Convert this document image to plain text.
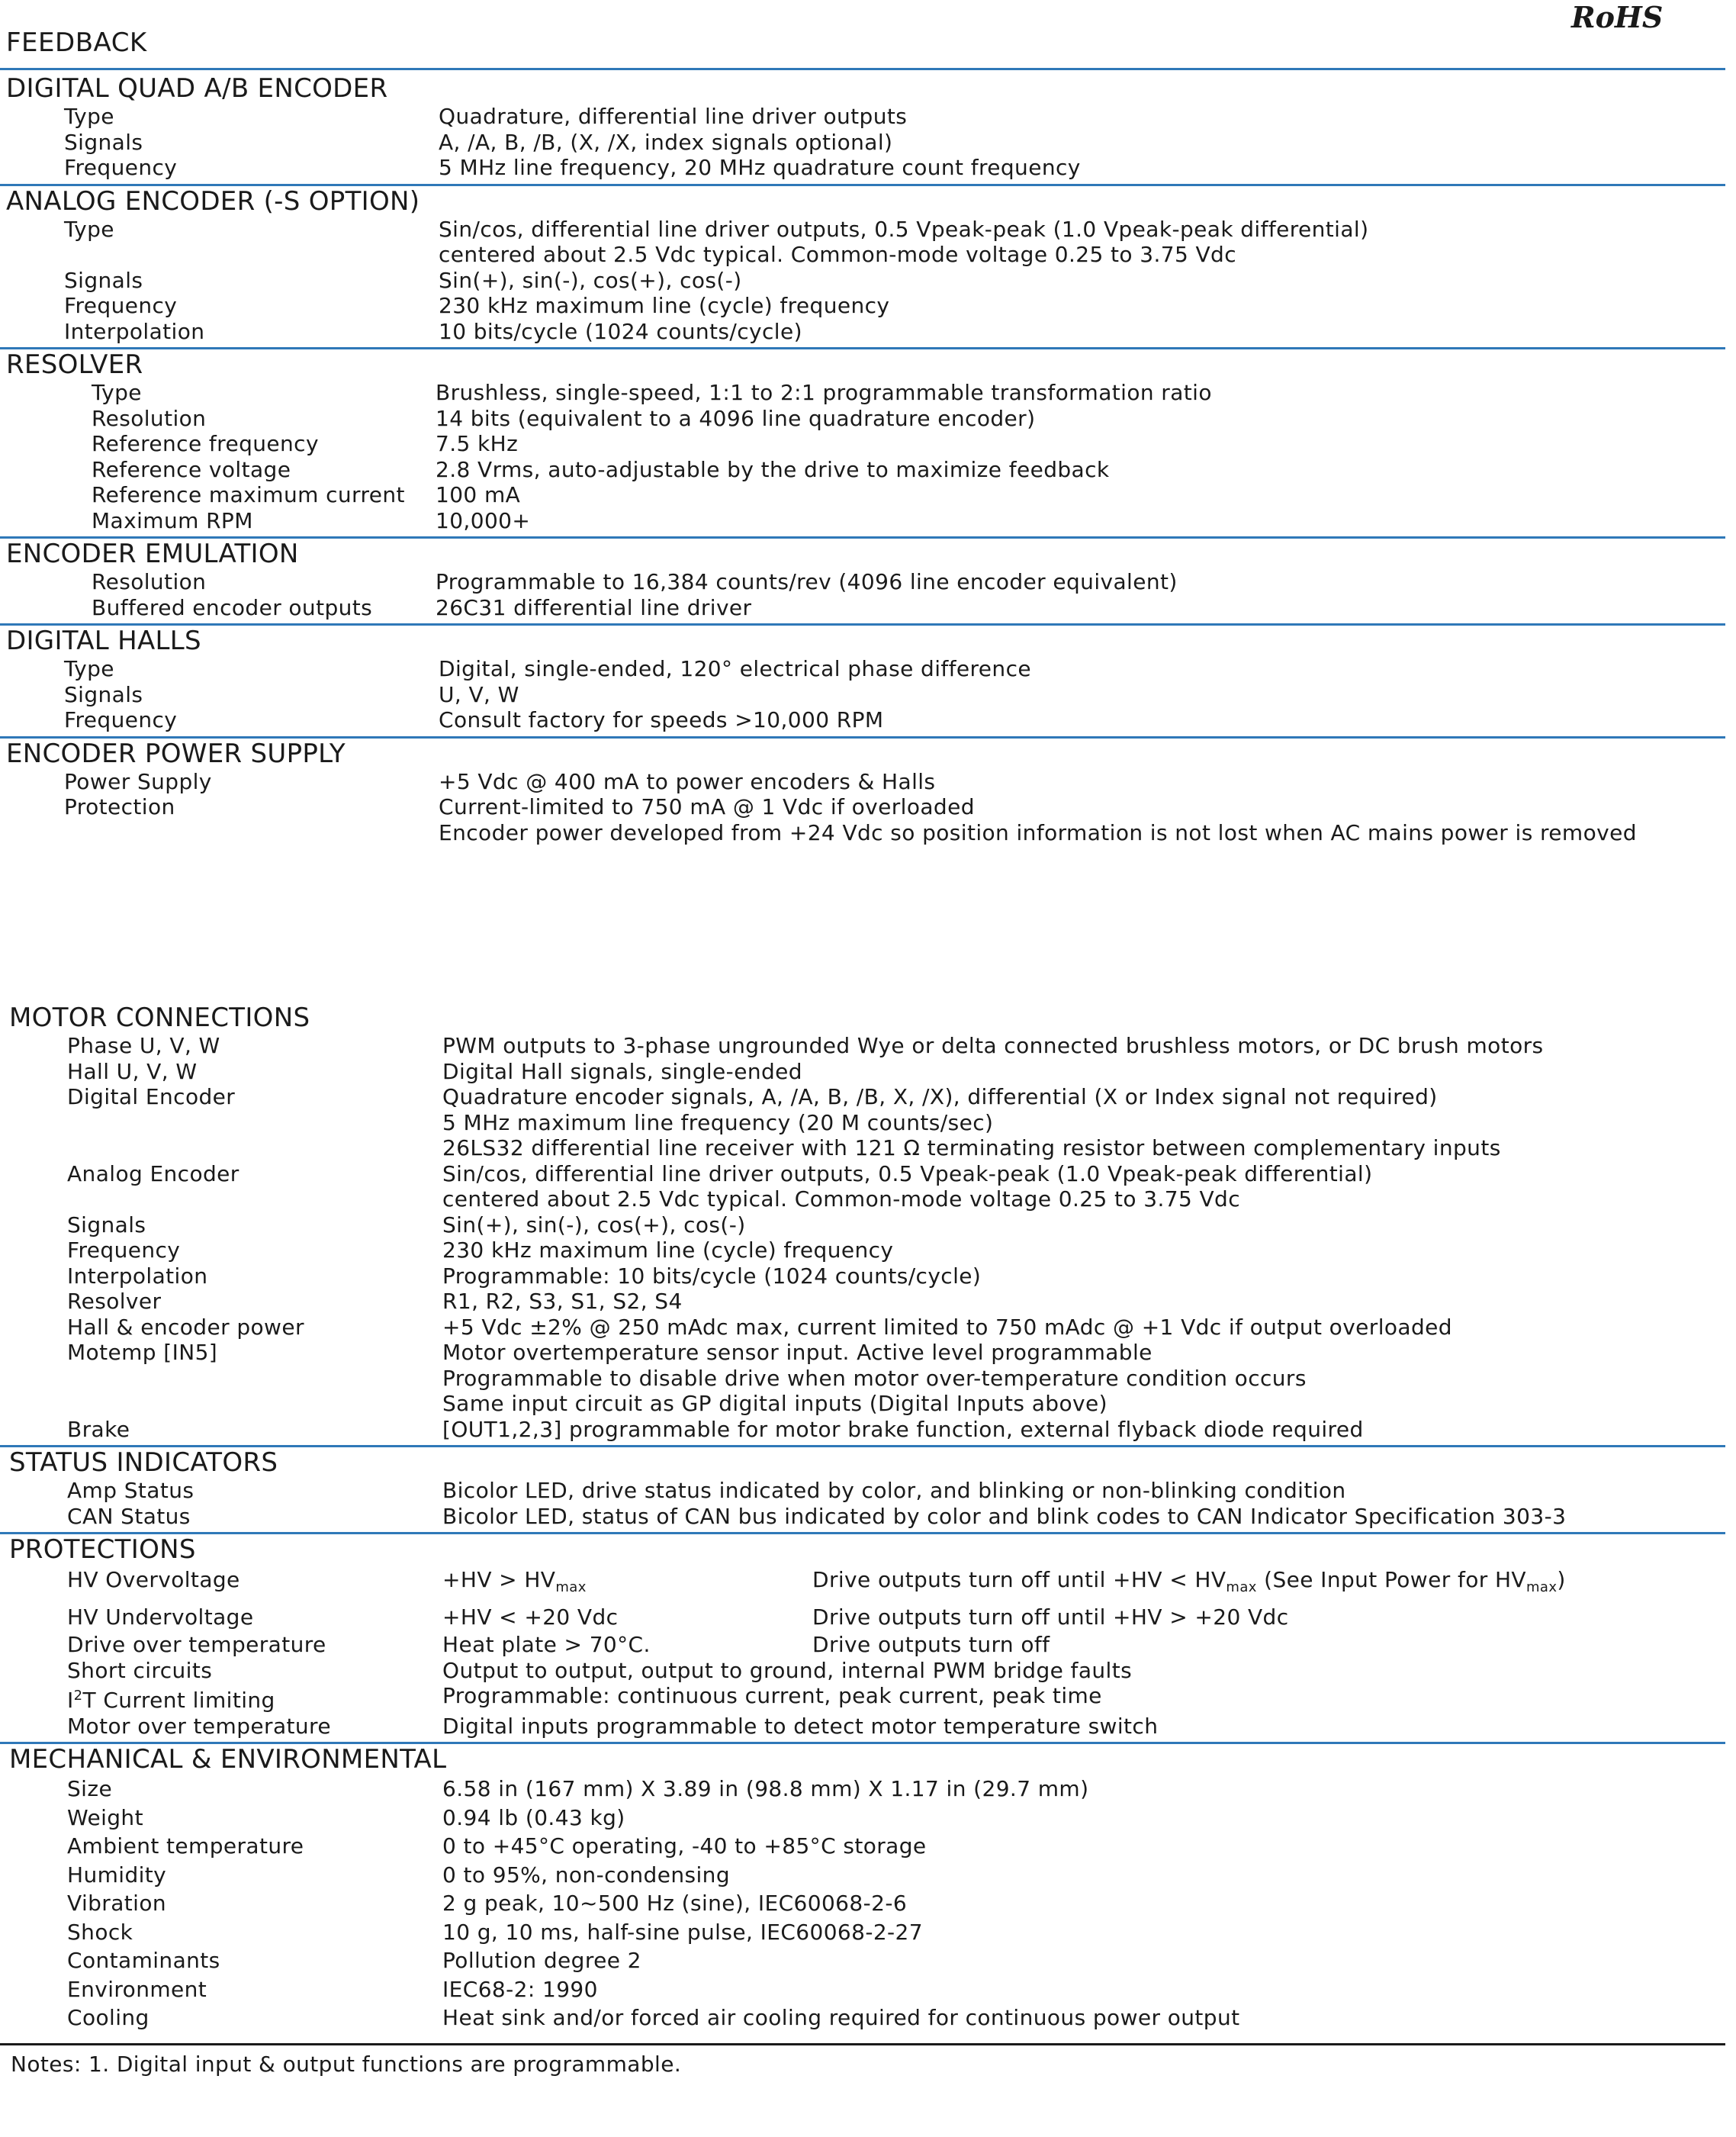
FEEDBACK
RoHS
DIGITAL QUAD A/B ENCODER
Type	Quadrature, differential line driver outputs
Signals	A, /A, B, /B, (X, /X, index signals optional)
Frequency	5 MHz line frequency, 20 MHz quadrature count frequency
ANALOG ENCODER (-S OPTION)
Type	Sin/cos, differential line driver outputs, 0.5 Vpeak-peak (1.0 Vpeak-peak differential)
centered about 2.5 Vdc typical. Common-mode voltage 0.25 to 3.75 Vdc
Signals	Sin(+), sin(-), cos(+), cos(-)
Frequency	230 kHz maximum line (cycle) frequency
Interpolation	10 bits/cycle (1024 counts/cycle)
RESOLVER
Type	Brushless, single-speed, 1:1 to 2:1 programmable transformation ratio
Resolution	14 bits (equivalent to a 4096 line quadrature encoder)
Reference frequency	7.5 kHz
Reference voltage	2.8 Vrms, auto-adjustable by the drive to maximize feedback
Reference maximum current	100 mA
Maximum RPM	10,000+
ENCODER EMULATION
Resolution	Programmable to 16,384 counts/rev (4096 line encoder equivalent)
Buffered encoder outputs	26C31 differential line driver
DIGITAL HALLS
Type	Digital, single-ended, 120° electrical phase difference
Signals	U, V, W
Frequency	Consult factory for speeds >10,000 RPM
ENCODER POWER SUPPLY
Power Supply	+5 Vdc @ 400 mA to power encoders & Halls
Protection	Current-limited to 750 mA @ 1 Vdc if overloaded
Encoder power developed from +24 Vdc so position information is not lost when AC mains power is removed
MOTOR CONNECTIONS
Phase U, V, W	PWM outputs to 3-phase ungrounded Wye or delta connected brushless motors, or DC brush motors
Hall U, V, W	Digital Hall signals, single-ended
Digital Encoder	Quadrature encoder signals, A, /A, B, /B, X, /X), differential (X or Index signal not required)
5 MHz maximum line frequency (20 M counts/sec)
26LS32 differential line receiver with 121 Ω terminating resistor between complementary inputs
Analog Encoder	Sin/cos, differential line driver outputs, 0.5 Vpeak-peak (1.0 Vpeak-peak differential)
centered about 2.5 Vdc typical. Common-mode voltage 0.25 to 3.75 Vdc
Signals	Sin(+), sin(-), cos(+), cos(-)
Frequency	230 kHz maximum line (cycle) frequency
Interpolation	Programmable: 10 bits/cycle (1024 counts/cycle)
Resolver	R1, R2, S3, S1, S2, S4
Hall & encoder power	+5 Vdc ±2% @ 250 mAdc max, current limited to 750 mAdc @ +1 Vdc if output overloaded
Motemp [IN5]	Motor overtemperature sensor input. Active level programmable
Programmable to disable drive when motor over-temperature condition occurs
Same input circuit as GP digital inputs (Digital Inputs above)
Brake	[OUT1,2,3] programmable for motor brake function, external flyback diode required
STATUS INDICATORS
Amp Status	Bicolor LED, drive status indicated by color, and blinking or non-blinking condition
CAN Status	Bicolor LED, status of CAN bus indicated by color and blink codes to CAN Indicator Specification 303-3
PROTECTIONS
HV Overvoltage	$+HV > HV_{max}$	Drive outputs turn off until $+HV < HV_{max}$ (See Input Power for $HV_{max}$)
HV Undervoltage	+HV < +20 Vdc	Drive outputs turn off until +HV > +20 Vdc
Drive over temperature	Heat plate > 70°C.	Drive outputs turn off
Short circuits	Output to output, output to ground, internal PWM bridge faults
$I^2T$ Current limiting	Programmable: continuous current, peak current, peak time
Motor over temperature	Digital inputs programmable to detect motor temperature switch
MECHANICAL & ENVIRONMENTAL
Size	6.58 in (167 mm) X 3.89 in (98.8 mm) X 1.17 in (29.7 mm)
Weight	0.94 lb (0.43 kg)
Ambient temperature	0 to +45°C operating, -40 to +85°C storage
Humidity	0 to 95%, non-condensing
Vibration	2 g peak, 10~500 Hz (sine), IEC60068-2-6
Shock	10 g, 10 ms, half-sine pulse, IEC60068-2-27
Contaminants	Pollution degree 2
Environment	IEC68-2: 1990
Cooling	Heat sink and/or forced air cooling required for continuous power output
Notes: 1. Digital input & output functions are programmable.
